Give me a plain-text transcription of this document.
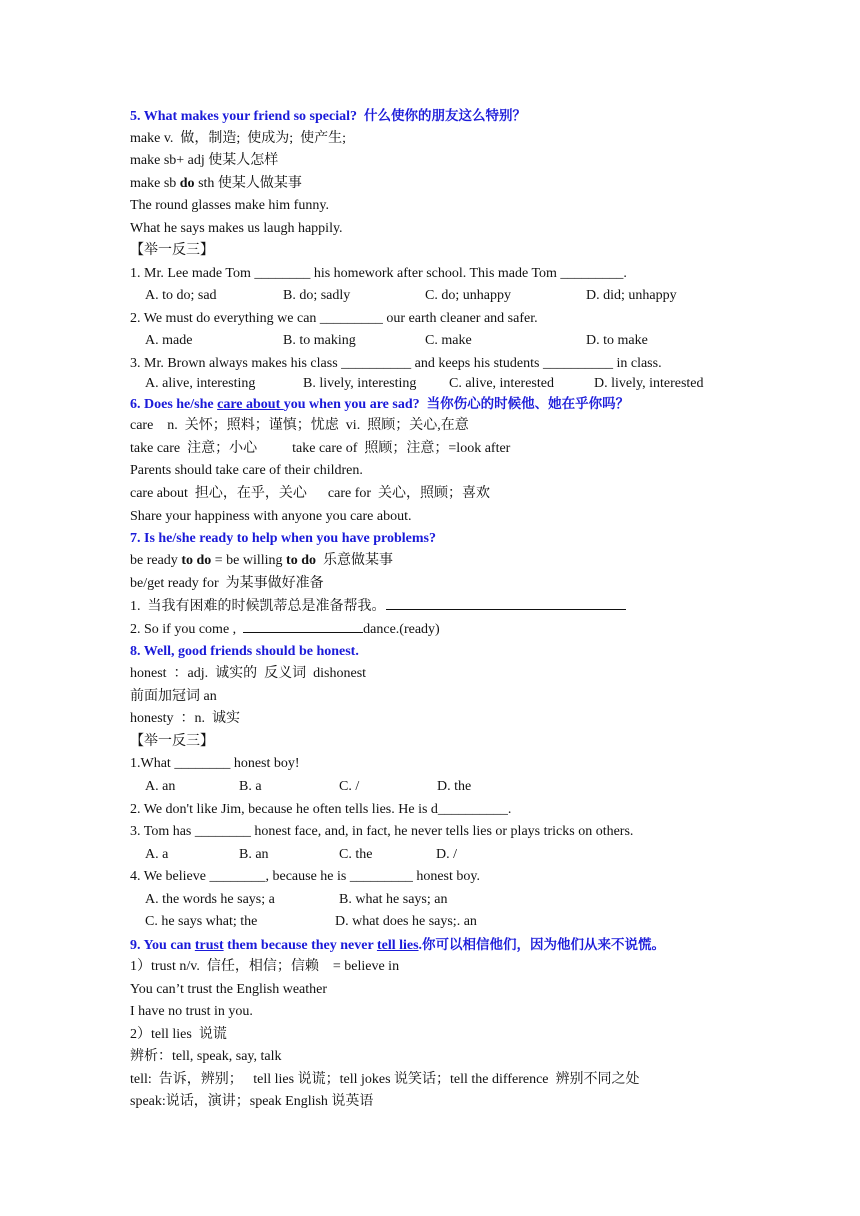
5. What makes your friend so special? 什么使你的朋友这么特别？
make v.  做，制造;  使成为;  使产生;
make sb+ adj 使某人怎样
make sb do sth 使某人做某事
The round glasses make him funny.
What he says makes us laugh happily.
【举一反三】
1. Mr. Lee made Tom ________ his homework after school. This made Tom _________.
A. to do; sad	B. do; sadly	C. do; unhappy	D. did; unhappy
2. We must do everything we can _________ our earth cleaner and safer.
A. made	B. to making	C. make	D. to make
3. Mr. Brown always makes his class __________ and keeps his students __________ in class.
A. alive, interesting	B. lively, interesting C. alive, interested	D. lively, interested
6. Does he/she care about you when you are sad? 当你伤心的时候他、她在乎你吗？
care    n.  关怀；照料；谨慎；忧虑  vi.  照顾；关心,在意
take care  注意；小心          take care of  照顾；注意；=look after
Parents should take care of their children.
care about  担心，在乎，关心      care for  关心，照顾；喜欢
Share your happiness with anyone you care about.
7. Is he/she ready to help when you have problems?
be ready to do = be willing to do  乐意做某事
be/get ready for  为某事做好准备
1.  当我有困难的时候凯蒂总是准备帮我。
2. So if you come ,	dance.(ready)
8. Well, good friends should be honest.
honest  ：adj.  诚实的  反义词  dishonest
前面加冠词 an
honesty  ：n.  诚实
【举一反三】
1.What ________ honest boy!
A. an	B. a	C. /	D. the
2. We don't like Jim, because he often tells lies. He is d__________.
3. Tom has ________ honest face, and, in fact, he never tells lies or plays tricks on others.
A. a	B. an	C. the	D. /
4. We believe ________, because he is _________ honest boy.
A. the words he says; a	B. what he says; an
C. he says what; the	D. what does he says;. an
9. You can trust them because they never tell lies.你可以相信他们，因为他们从来不说慌。
1）trust n/v.  信任，相信；信赖    = believe in
You can’t trust the English weather
I have no trust in you.
2）tell lies  说谎
辨析：tell, speak, say, talk
tell:  告诉，辨别；   tell lies 说谎；tell jokes 说笑话；tell the difference  辨别不同之处
speak:说话，演讲；speak English 说英语
